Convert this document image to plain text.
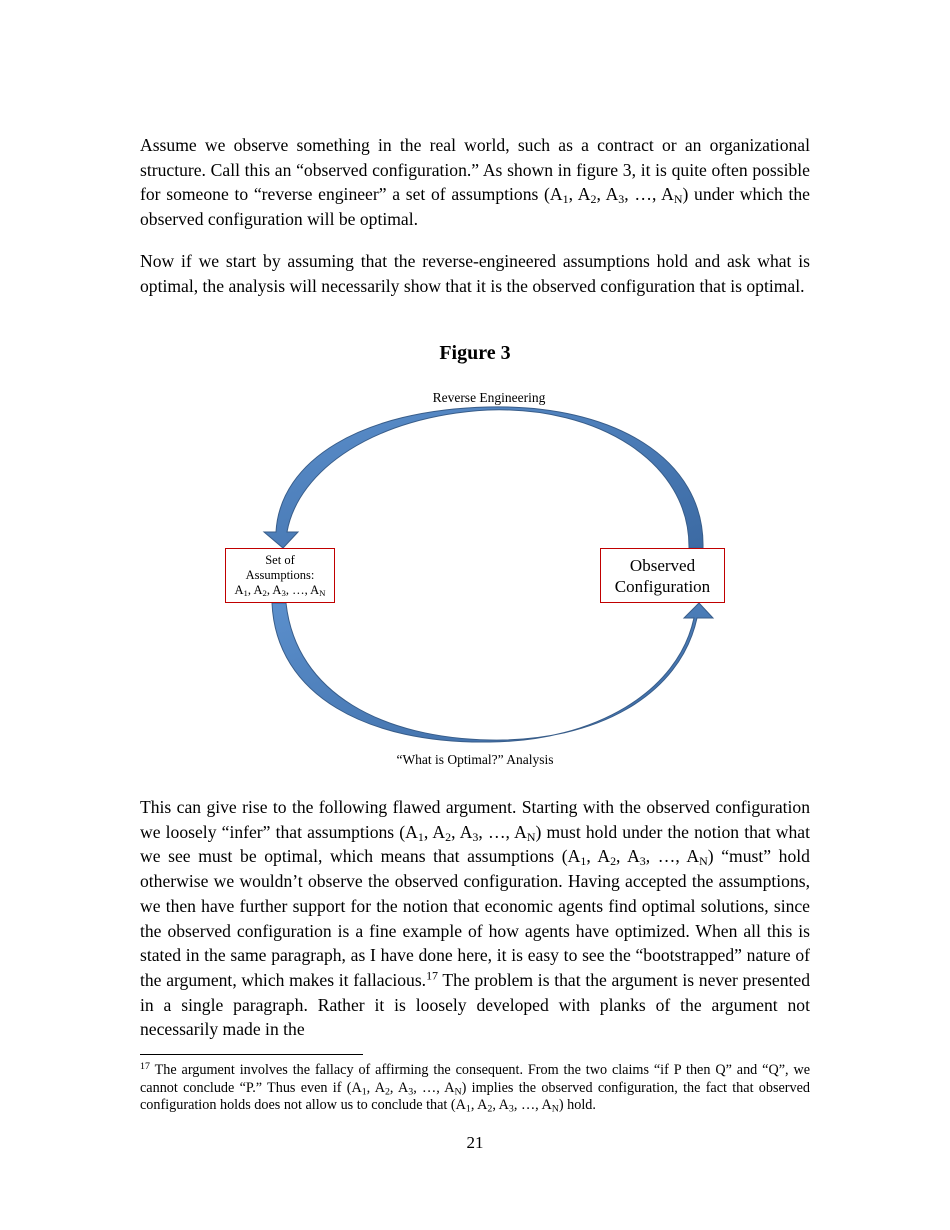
Assume we observe something in the real world, such as a contract or an organizational structure. Call this an “observed configuration.” As shown in figure 3, it is quite often possible for someone to “reverse engineer” a set of assumptions ($A_1$, $A_2$, $A_3$, …, $A_N$) under which the observed configuration will be optimal.

Now if we start by assuming that the reverse-engineered assumptions hold and ask what is optimal, the analysis will necessarily show that it is the observed configuration that is optimal.

Figure 3
Reverse Engineering
“What is Optimal?” Analysis
Set of
Assumptions:
$A_1$, $A_2$, $A_3$, …, $A_N$
Observed
Configuration

This can give rise to the following flawed argument. Starting with the observed configuration we loosely “infer” that assumptions ($A_1$, $A_2$, $A_3$, …, $A_N$) must hold under the notion that what we see must be optimal, which means that assumptions ($A_1$, $A_2$, $A_3$, …, $A_N$) “must” hold otherwise we wouldn’t observe the observed configuration. Having accepted the assumptions, we then have further support for the notion that economic agents find optimal solutions, since the observed configuration is a fine example of how agents have optimized. When all this is stated in the same paragraph, as I have done here, it is easy to see the “bootstrapped” nature of the argument, which makes it fallacious.$^{17}$ The problem is that the argument is never presented in a single paragraph. Rather it is loosely developed with planks of the argument not necessarily made in the

$^{17}$ The argument involves the fallacy of affirming the consequent. From the two claims “if P then Q” and “Q”, we cannot conclude “P.” Thus even if ($A_1$, $A_2$, $A_3$, …, $A_N$) implies the observed configuration, the fact that observed configuration holds does not allow us to conclude that ($A_1$, $A_2$, $A_3$, …, $A_N$) hold.

21
